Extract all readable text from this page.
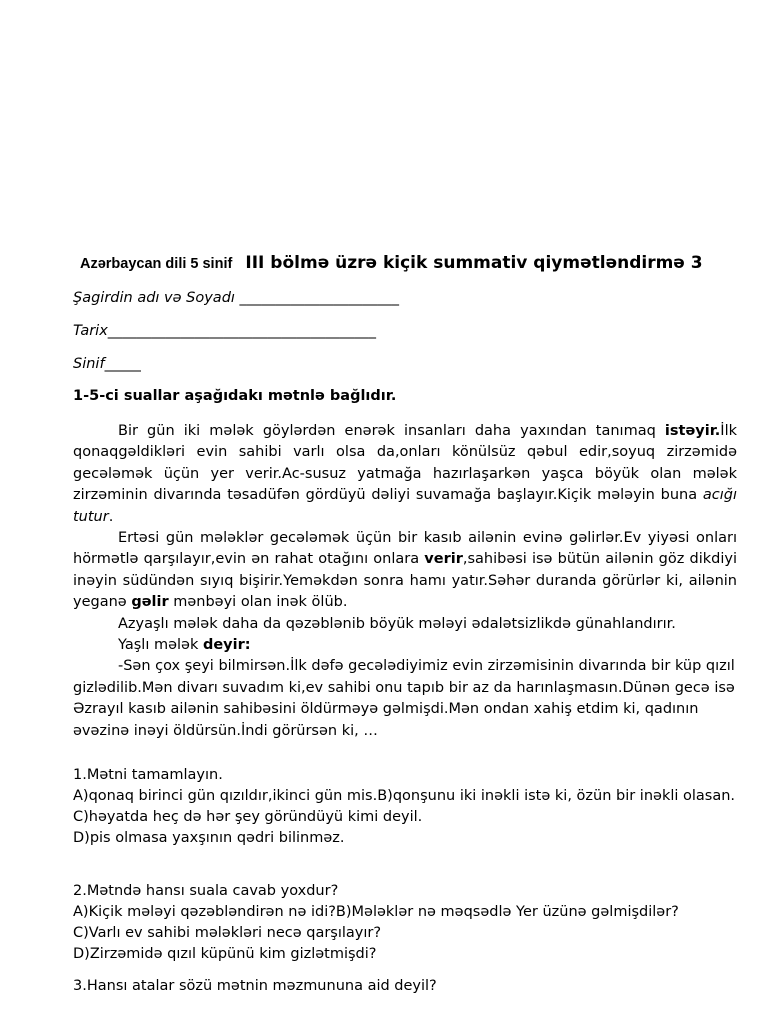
Azərbaycan dili 5 sinif III bölmə üzrə kiçik summativ qiymətləndirmə 3
Şagirdin adı və Soyadı ______________________
Tarix_____________________________________
Sinif_____
1-5-ci suallar aşağıdakı mətnlə bağlıdır.

Bir gün iki mələk göylərdən enərək insanları daha yaxından tanımaq istəyir.İlk qonaqgəldikləri evin sahibi varlı olsa da,onları könülsüz qəbul edir,soyuq zirzəmidə gecələmək üçün yer verir.Ac-susuz yatmağa hazırlaşarkən yaşca böyük olan mələk zirzəminin divarında təsadüfən gördüyü dəliyi suvamağa başlayır.Kiçik mələyin buna acığı tutur.

Ertəsi gün mələklər gecələmək üçün bir kasıb ailənin evinə gəlirlər.Ev yiyəsi onları hörmətlə qarşılayır,evin ən rahat otağını onlara verir,sahibəsi isə bütün ailənin göz dikdiyi inəyin südündən sıyıq bişirir.Yeməkdən sonra hamı yatır.Səhər duranda görürlər ki, ailənin yeganə gəlir mənbəyi olan inək ölüb.

Azyaşlı mələk daha da qəzəblənib böyük mələyi ədalətsizlikdə günahlandırır.

Yaşlı mələk deyir:

-Sən çox şeyi bilmirsən.İlk dəfə gecələdiyimiz evin zirzəmisinin divarında bir küp qızıl gizlədilib.Mən divarı suvadım ki,ev sahibi onu tapıb bir az da harınlaşmasın.Dünən gecə isə Əzrayıl kasıb ailənin sahibəsini öldürməyə gəlmişdi.Mən ondan xahiş etdim ki, qadının əvəzinə inəyi öldürsün.İndi görürsən ki, …

1.Mətni tamamlayın.
A)qonaq birinci gün qızıldır,ikinci gün mis.B)qonşunu iki inəkli istə ki, özün bir inəkli olasan.
C)həyatda heç də hər şey göründüyü kimi deyil.
D)pis olmasa yaxşının qədri bilinməz.
2.Mətndə hansı suala cavab yoxdur?
A)Kiçik mələyi qəzəbləndirən nə idi?B)Mələklər nə məqsədlə Yer üzünə gəlmişdilər?
C)Varlı ev sahibi mələkləri necə qarşılayır?
D)Zirzəmidə qızıl küpünü kim gizlətmişdi?
3.Hansı atalar sözü mətnin məzmununa aid deyil?
